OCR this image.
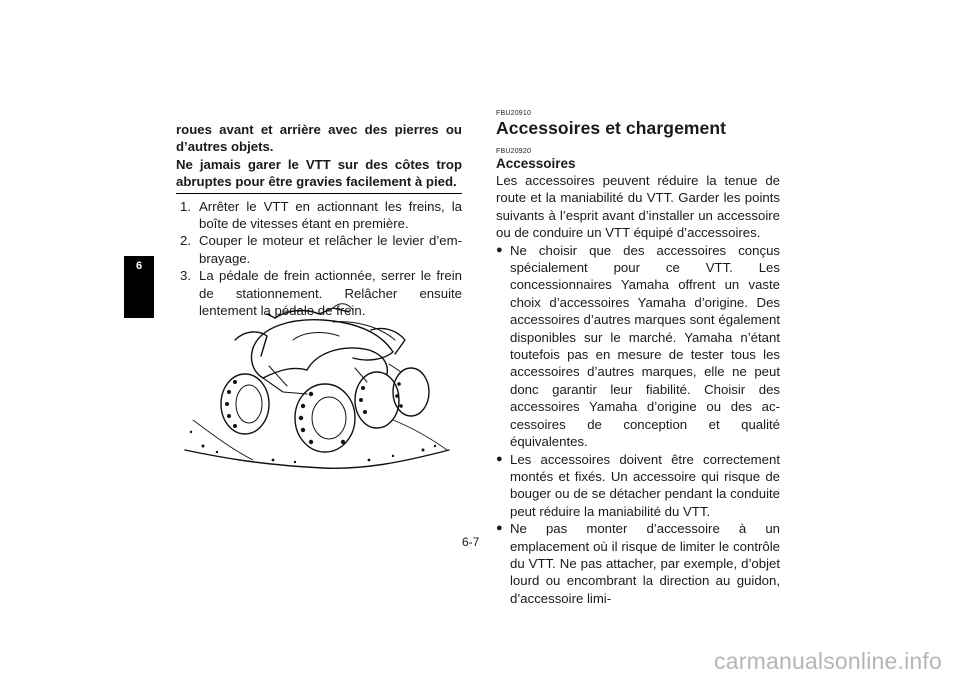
6
roues avant et arrière avec des pierres ou d’autres objets.
Ne jamais garer le VTT sur des côtes trop abruptes pour être gravies facilement à pied.
1. Arrêter le VTT en actionnant les freins, la boîte de vitesses étant en première.
2. Couper le moteur et relâcher le levier d’embrayage.
3. La pédale de frein actionnée, serrer le frein de stationnement. Relâcher ensuite lentement la pédale de frein.
FBU20910
Accessoires et chargement
FBU20920
Accessoires
Les accessoires peuvent réduire la tenue de route et la maniabilité du VTT. Garder les points suivants à l’esprit avant d’installer un accessoire ou de conduire un VTT équipé d’accessoires.
● Ne choisir que des accessoires conçus spécialement pour ce VTT. Les concessionnaires Yamaha offrent un vaste choix d’accessoires Yamaha d’origine. Des accessoires d’autres marques sont également disponibles sur le marché. Yamaha n’étant toutefois pas en mesure de tester tous les accessoires d’autres marques, elle ne peut donc garantir leur fiabilité. Choisir des accessoires Yamaha d’origine ou des accessoires de conception et qualité équivalentes.
● Les accessoires doivent être correctement montés et fixés. Un accessoire qui risque de bouger ou de se détacher pendant la conduite peut réduire la maniabilité du VTT.
● Ne pas monter d’accessoire à un emplacement où il risque de limiter le contrôle du VTT. Ne pas attacher, par exemple, d’objet lourd ou encombrant la direction au guidon, d’accessoire limi-
6-7
carmanualsonline.info
